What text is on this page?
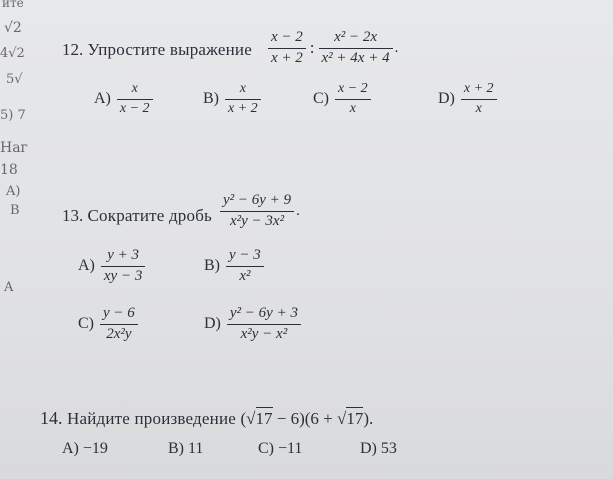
ите
√2
4√2
5√
5) 7
Наг
18
A)
B
A
12. Упростите выражение $\frac{x - 2}{x + 2}$ : $\frac{\text{x² − 2x}}{\text{x² + 4x + 4}}$ .
$A) \frac{x}{x - 2}$	$B) \frac{x}{x + 2}$	$C) \frac{x - 2}{x}$	$D) \frac{x + 2}{x}$
13. Сократите дробь $\frac{\text{y² − 6y + 9}}{\text{x²y − 3x²}}$ .
$A) \frac{y + 3}{xy - 3}$	$B) \frac{y - 3}{\text{x²}}$
$C) \frac{y - 6}{\text{2x²y}}$	$D) \frac{\text{y² − 6y + 3}}{\text{x²y − x²}}$
14. Найдите произведение (√17 − 6)(6 + √17).
A) −19	B) 11	C) −11	D) 53
